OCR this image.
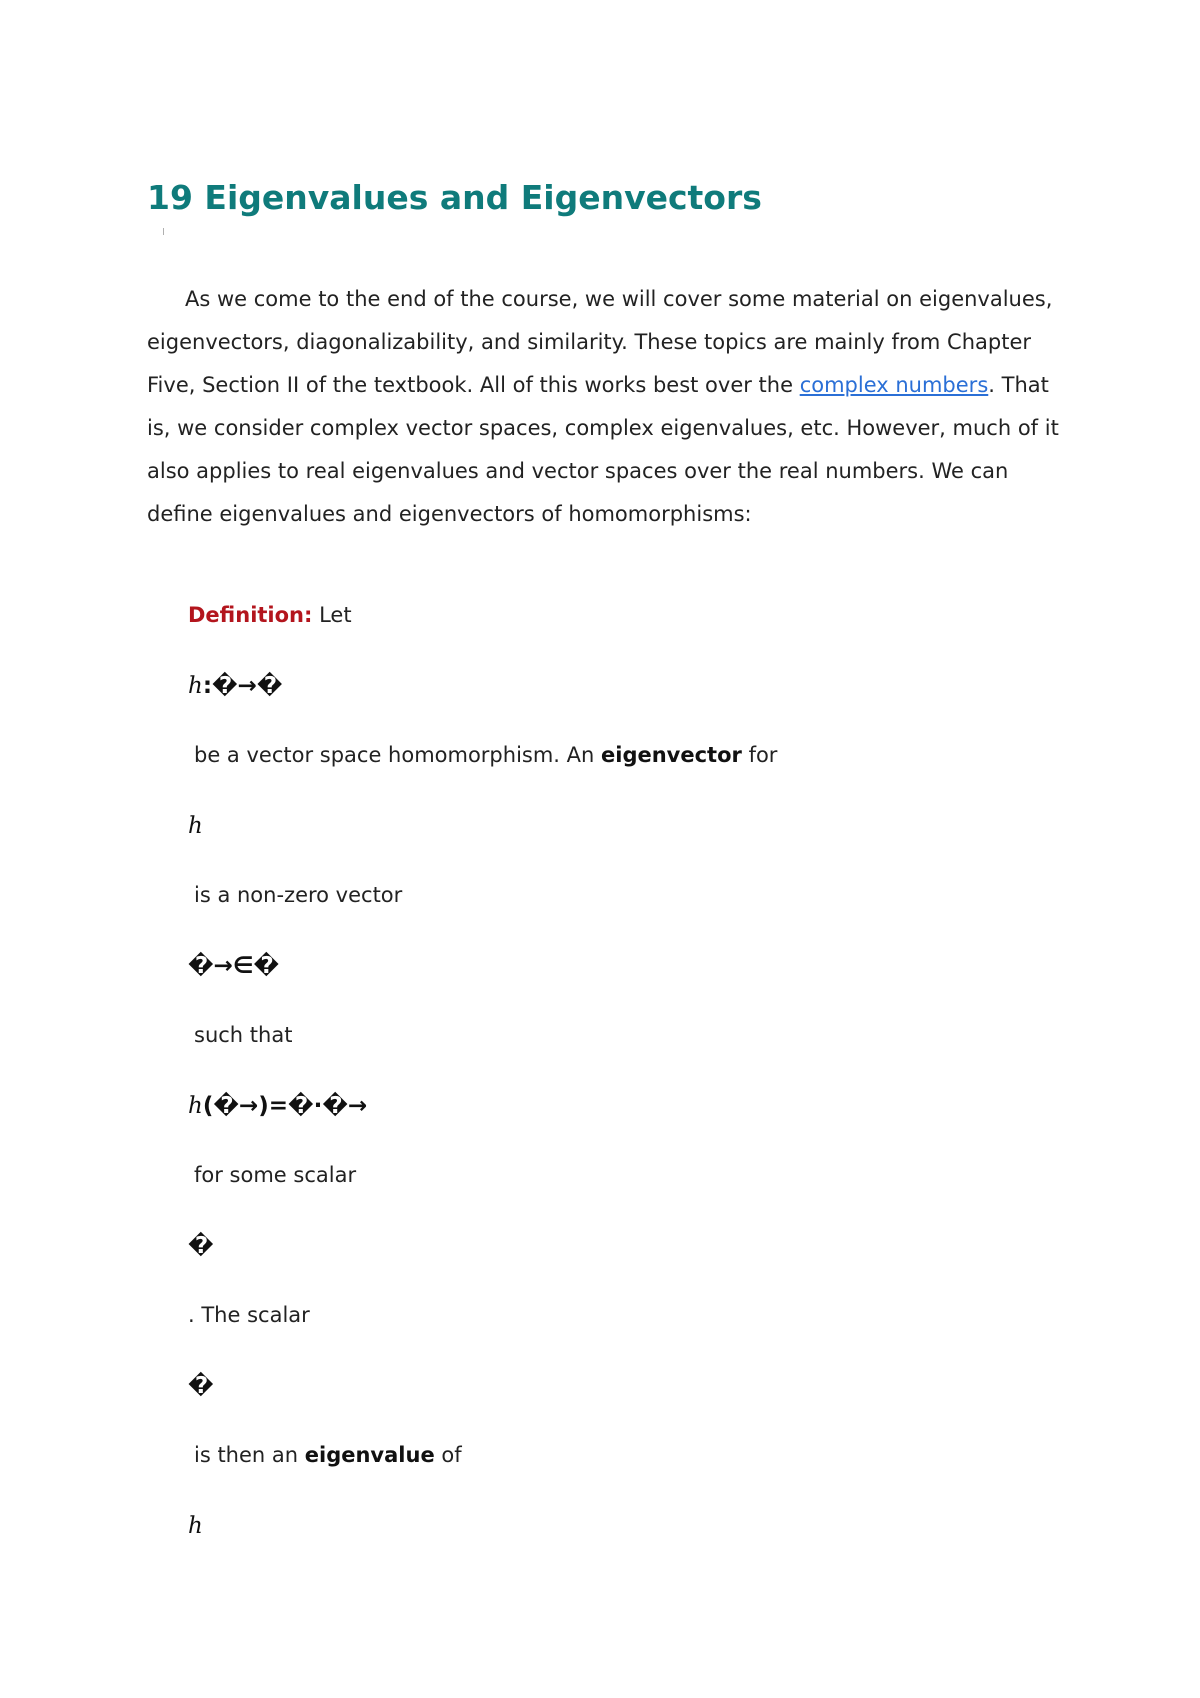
19 Eigenvalues and Eigenvectors

As we come to the end of the course, we will cover some material on eigenvalues, eigenvectors, diagonalizability, and similarity. These topics are mainly from Chapter Five, Section II of the textbook. All of this works best over the complex numbers. That is, we consider complex vector spaces, complex eigenvalues, etc. However, much of it also applies to real eigenvalues and vector spaces over the real numbers. We can define eigenvalues and eigenvectors of homomorphisms:

Definition: Let

h:�→�

be a vector space homomorphism. An eigenvector for

h

is a non-zero vector

�→∈�

such that

h(�→)=�·�→

for some scalar

�

. The scalar

�

is then an eigenvalue of

h
